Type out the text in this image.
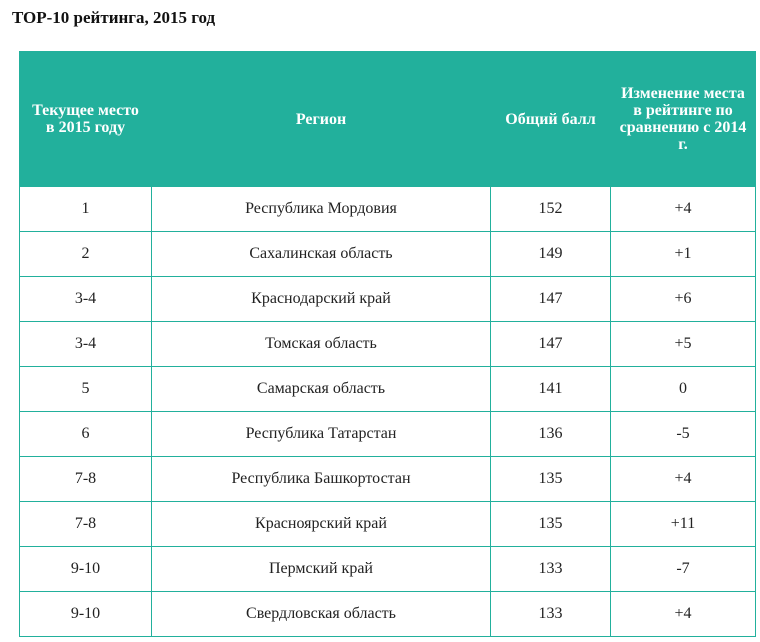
TOP-10 рейтинга, 2015 год
Текущее место в 2015 году	Регион	Общий балл	Изменение места в рейтинге по сравнению с 2014 г.
1	Республика Мордовия	152	+4
2	Сахалинская область	149	+1
3-4	Краснодарский край	147	+6
3-4	Томская область	147	+5
5	Самарская область	141	0
6	Республика Татарстан	136	-5
7-8	Республика Башкортостан	135	+4
7-8	Красноярский край	135	+11
9-10	Пермский край	133	-7
9-10	Свердловская область	133	+4
